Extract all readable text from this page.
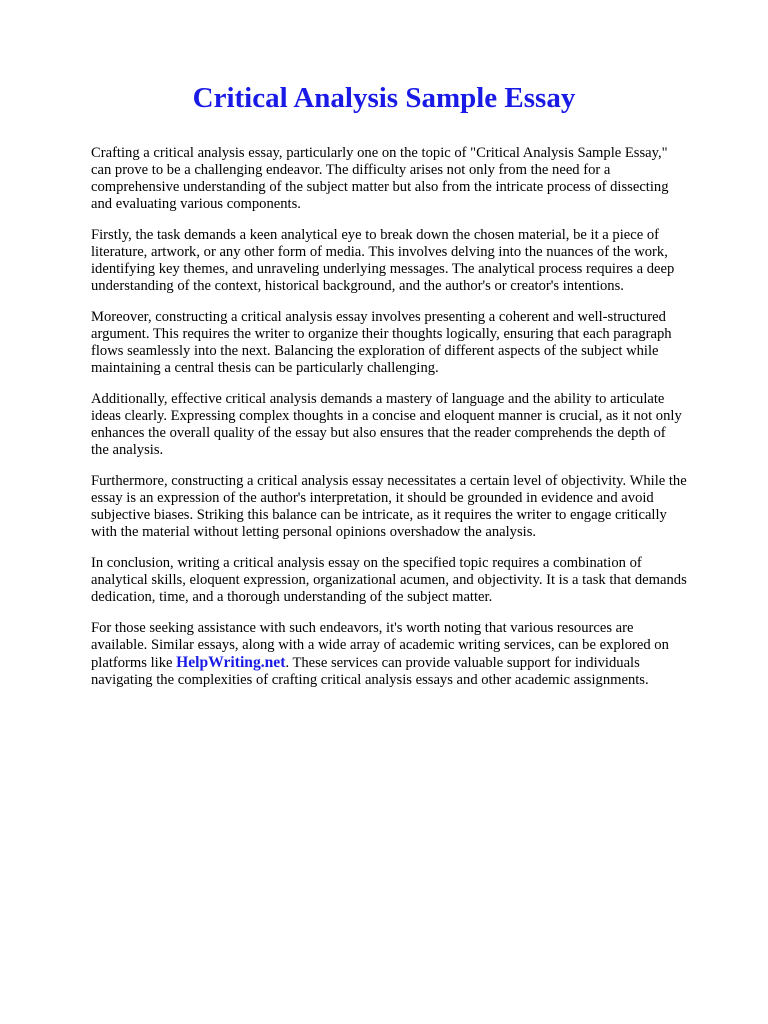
Critical Analysis Sample Essay

Crafting a critical analysis essay, particularly one on the topic of "Critical Analysis Sample Essay,"
can prove to be a challenging endeavor. The difficulty arises not only from the need for a
comprehensive understanding of the subject matter but also from the intricate process of dissecting
and evaluating various components.

Firstly, the task demands a keen analytical eye to break down the chosen material, be it a piece of
literature, artwork, or any other form of media. This involves delving into the nuances of the work,
identifying key themes, and unraveling underlying messages. The analytical process requires a deep
understanding of the context, historical background, and the author's or creator's intentions.

Moreover, constructing a critical analysis essay involves presenting a coherent and well-structured
argument. This requires the writer to organize their thoughts logically, ensuring that each paragraph
flows seamlessly into the next. Balancing the exploration of different aspects of the subject while
maintaining a central thesis can be particularly challenging.

Additionally, effective critical analysis demands a mastery of language and the ability to articulate
ideas clearly. Expressing complex thoughts in a concise and eloquent manner is crucial, as it not only
enhances the overall quality of the essay but also ensures that the reader comprehends the depth of
the analysis.

Furthermore, constructing a critical analysis essay necessitates a certain level of objectivity. While the
essay is an expression of the author's interpretation, it should be grounded in evidence and avoid
subjective biases. Striking this balance can be intricate, as it requires the writer to engage critically
with the material without letting personal opinions overshadow the analysis.

In conclusion, writing a critical analysis essay on the specified topic requires a combination of
analytical skills, eloquent expression, organizational acumen, and objectivity. It is a task that demands
dedication, time, and a thorough understanding of the subject matter.

For those seeking assistance with such endeavors, it's worth noting that various resources are
available. Similar essays, along with a wide array of academic writing services, can be explored on
platforms like HelpWriting.net. These services can provide valuable support for individuals
navigating the complexities of crafting critical analysis essays and other academic assignments.
